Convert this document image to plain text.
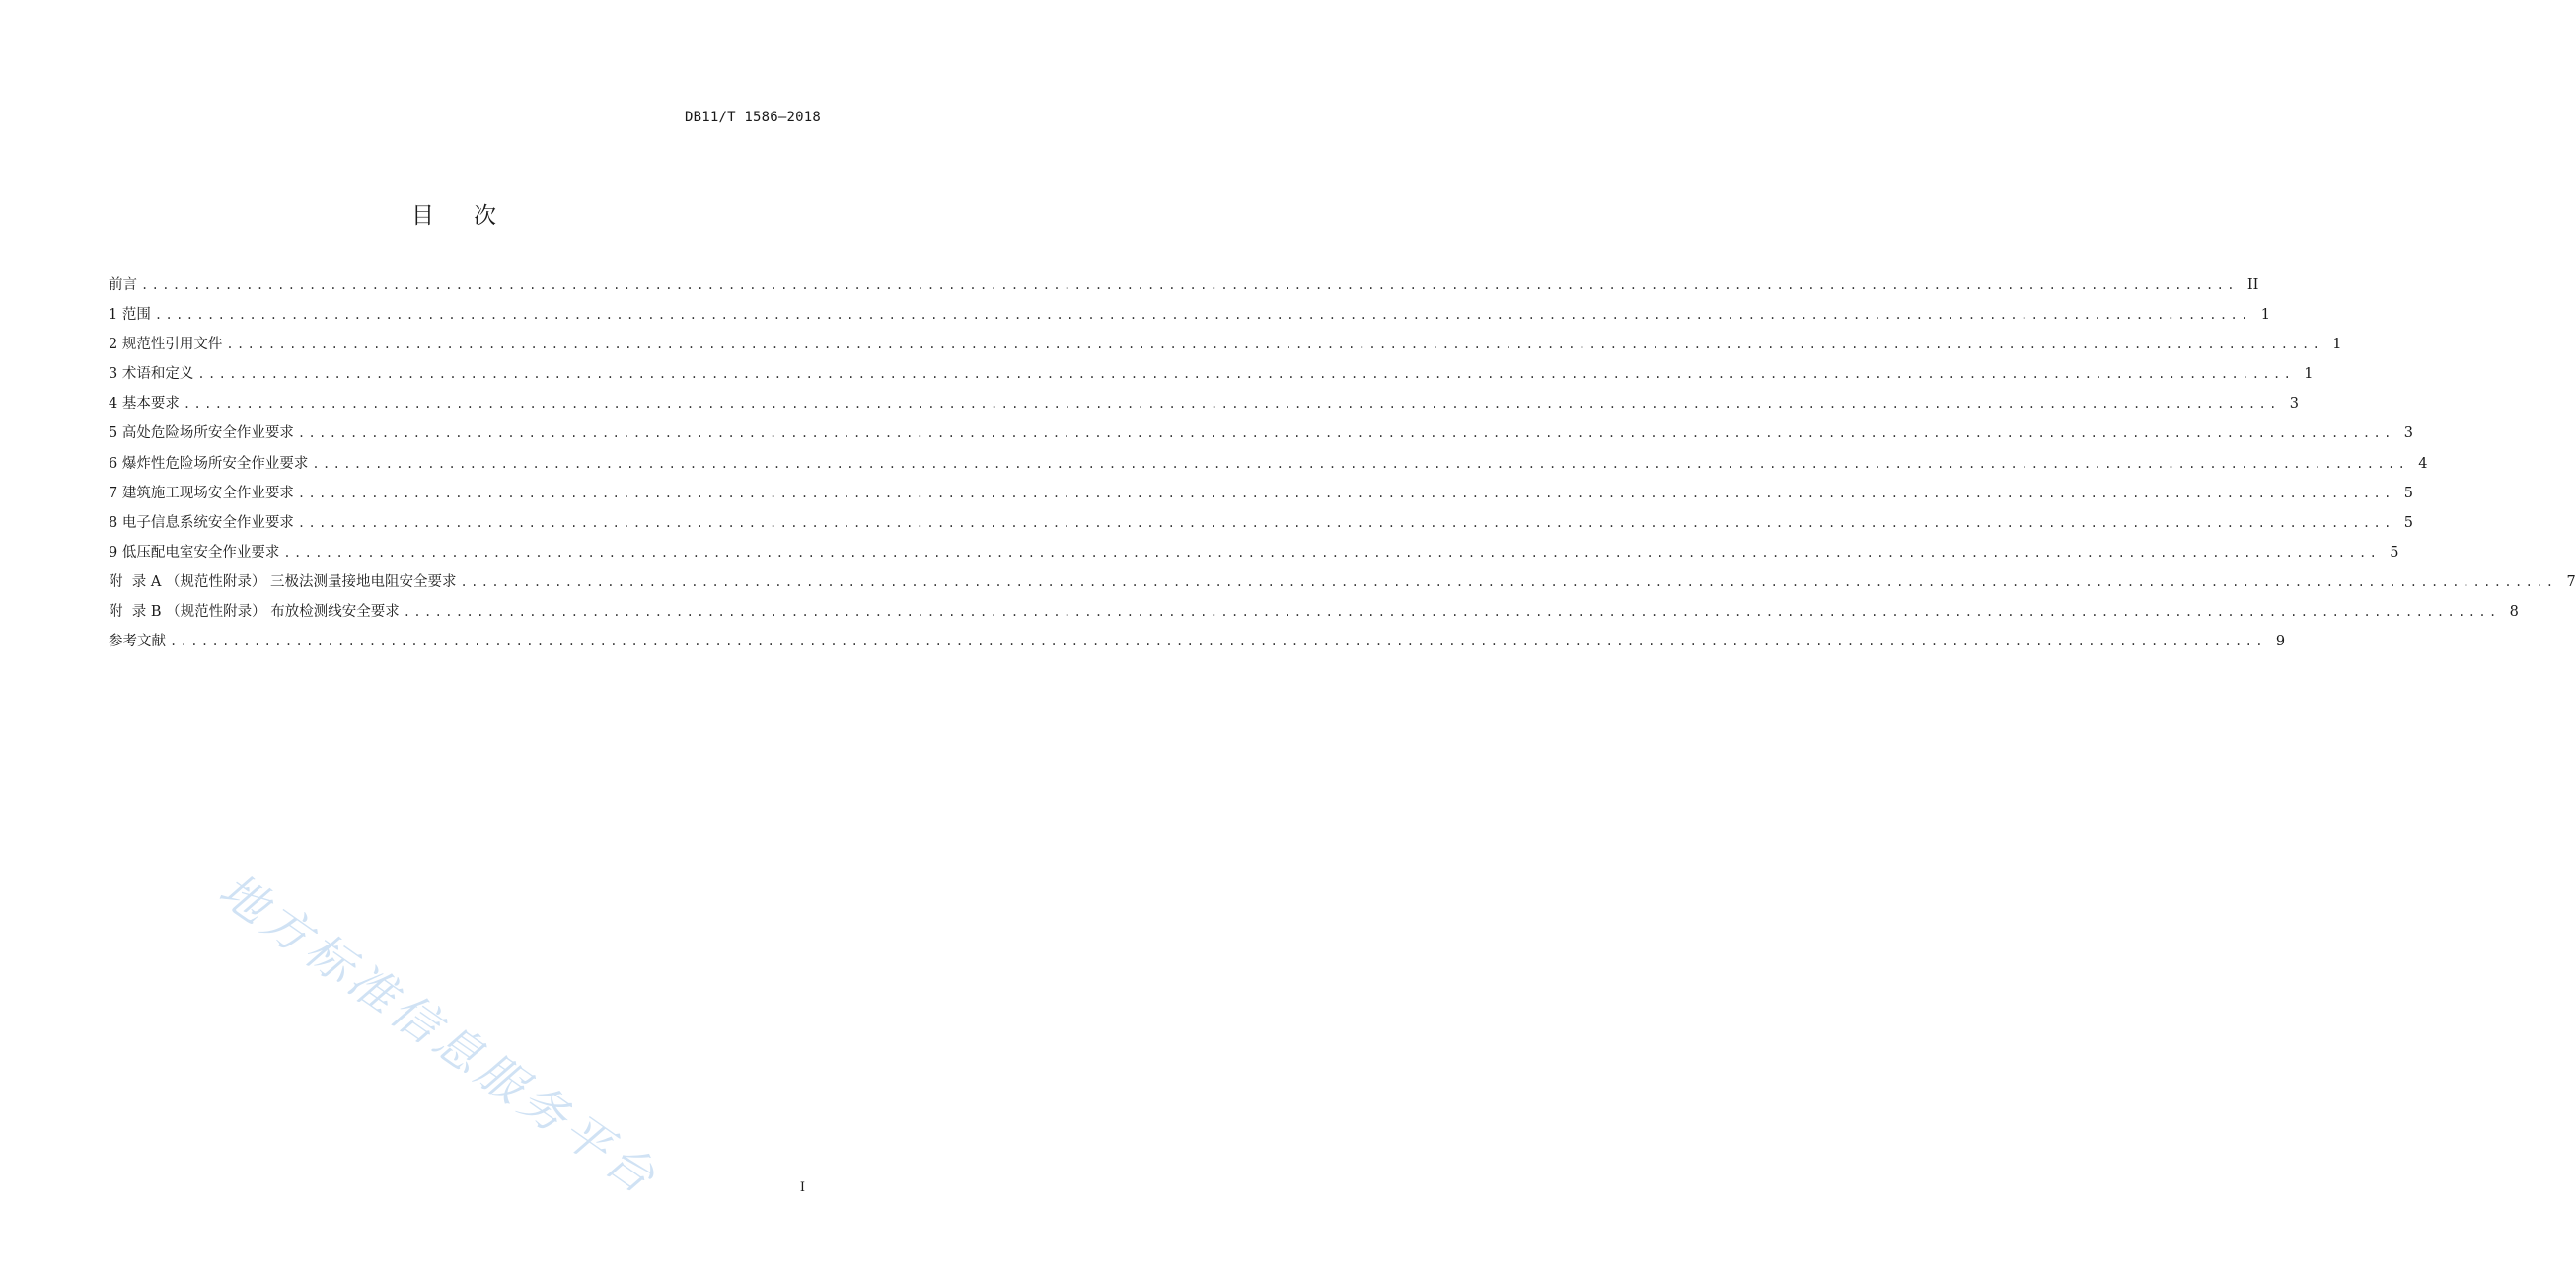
DB11/T 1586—2018
目次
前言 ........................................................................................................................................................................................................ II
1 范围 ........................................................................................................................................................................................................ 1
2 规范性引用文件 ........................................................................................................................................................................................................ 1
3 术语和定义 ........................................................................................................................................................................................................ 1
4 基本要求 ........................................................................................................................................................................................................ 3
5 高处危险场所安全作业要求 ........................................................................................................................................................................................................ 3
6 爆炸性危险场所安全作业要求 ........................................................................................................................................................................................................ 4
7 建筑施工现场安全作业要求 ........................................................................................................................................................................................................ 5
8 电子信息系统安全作业要求 ........................................................................................................................................................................................................ 5
9 低压配电室安全作业要求 ........................................................................................................................................................................................................ 5
附  录 A （规范性附录） 三极法测量接地电阻安全要求 ........................................................................................................................................................................................................ 7
附  录 B （规范性附录） 布放检测线安全要求 ........................................................................................................................................................................................................ 8
参考文献 ........................................................................................................................................................................................................ 9
地方标准信息服务平台	I
